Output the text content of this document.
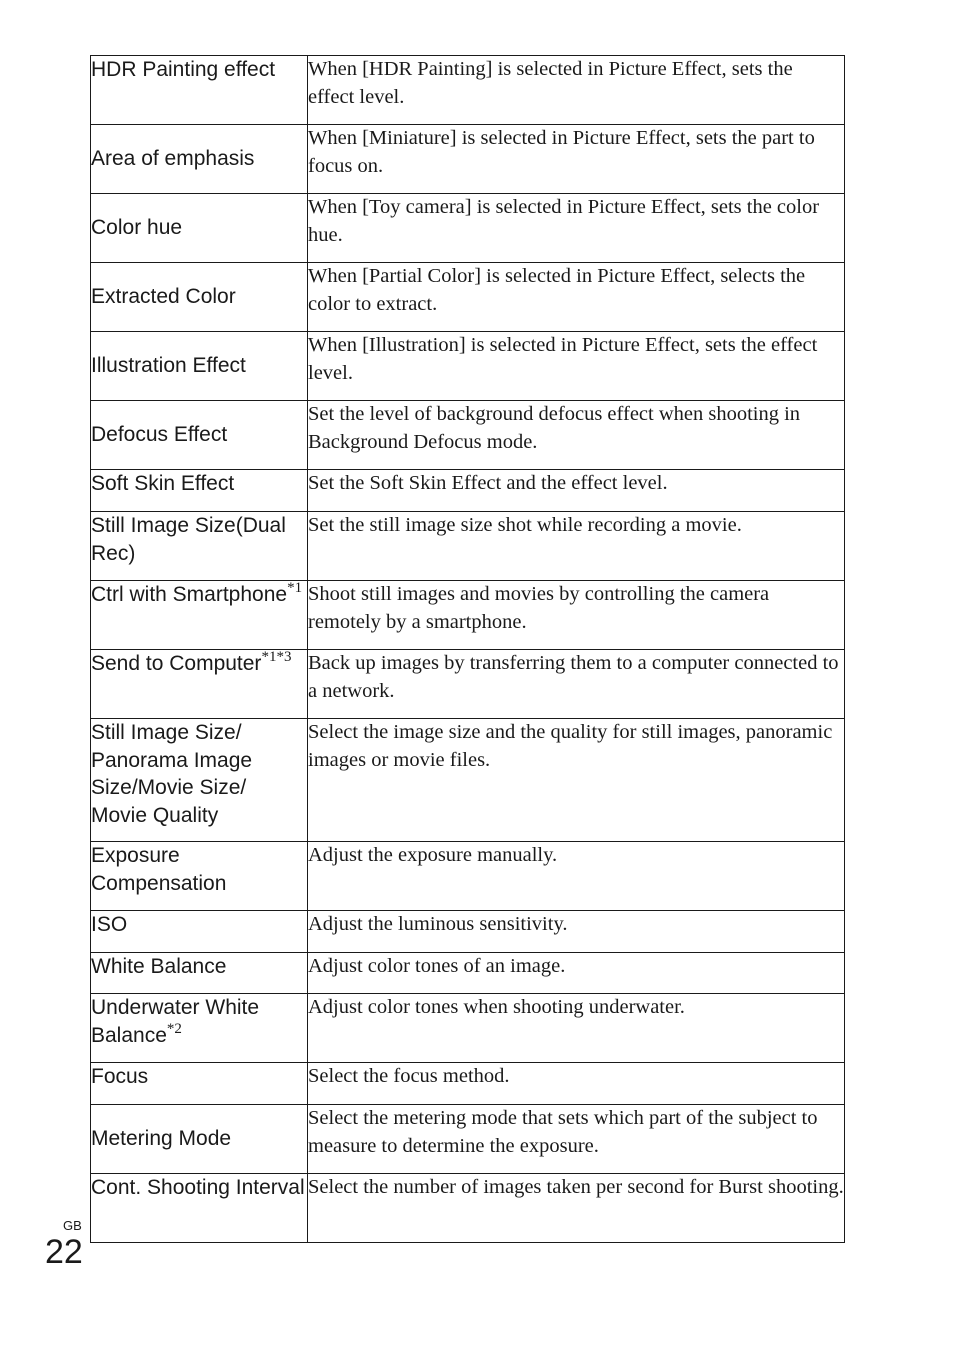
HDR Painting effect	When [HDR Painting] is selected in Picture Effect, sets the effect level.
Area of emphasis	When [Miniature] is selected in Picture Effect, sets the part to focus on.
Color hue	When [Toy camera] is selected in Picture Effect, sets the color hue.
Extracted Color	When [Partial Color] is selected in Picture Effect, selects the color to extract.
Illustration Effect	When [Illustration] is selected in Picture Effect, sets the effect level.
Defocus Effect	Set the level of background defocus effect when shooting in Background Defocus mode.
Soft Skin Effect	Set the Soft Skin Effect and the effect level.
Still Image Size(Dual Rec)	Set the still image size shot while recording a movie.
Ctrl with Smartphone$^{*1}$	Shoot still images and movies by controlling the camera remotely by a smartphone.
Send to Computer$^{*1*3}$	Back up images by transferring them to a computer connected to a network.
Still Image Size/ Panorama Image Size/Movie Size/ Movie Quality	Select the image size and the quality for still images, panoramic images or movie files.
Exposure Compensation	Adjust the exposure manually.
ISO	Adjust the luminous sensitivity.
White Balance	Adjust color tones of an image.
Underwater White Balance$^{*2}$	Adjust color tones when shooting underwater.
Focus	Select the focus method.
Metering Mode	Select the metering mode that sets which part of the subject to measure to determine the exposure.
Cont. Shooting Interval	Select the number of images taken per second for Burst shooting.
GB
22
